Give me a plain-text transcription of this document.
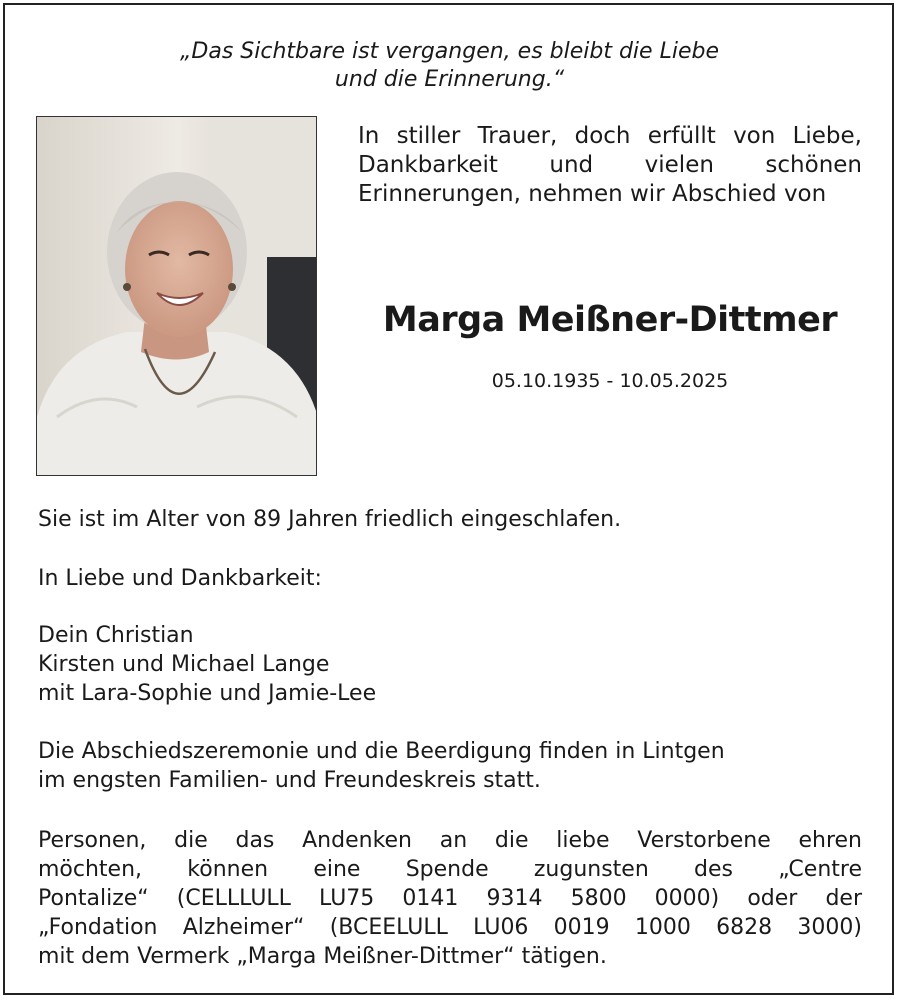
„Das Sichtbare ist vergangen, es bleibt die Liebe
und die Erinnerung.“
In stiller Trauer, doch erfüllt von Liebe, Dankbarkeit und vielen schönen Erinnerungen, nehmen wir Abschied von
Marga Meißner-Dittmer
05.10.1935 - 10.05.2025
Sie ist im Alter von 89 Jahren friedlich eingeschlafen.
In Liebe und Dankbarkeit:
Dein Christian
Kirsten und Michael Lange
mit Lara-Sophie und Jamie-Lee
Die Abschiedszeremonie und die Beerdigung finden in Lintgen
im engsten Familien- und Freundeskreis statt.
Personen, die das Andenken an die liebe Verstorbene ehren
möchten, können eine Spende zugunsten des „Centre
Pontalize“ (CELLLULL LU75 0141 9314 5800 0000) oder der
„Fondation Alzheimer“ (BCEELULL LU06 0019 1000 6828 3000)
mit dem Vermerk „Marga Meißner-Dittmer“ tätigen.
